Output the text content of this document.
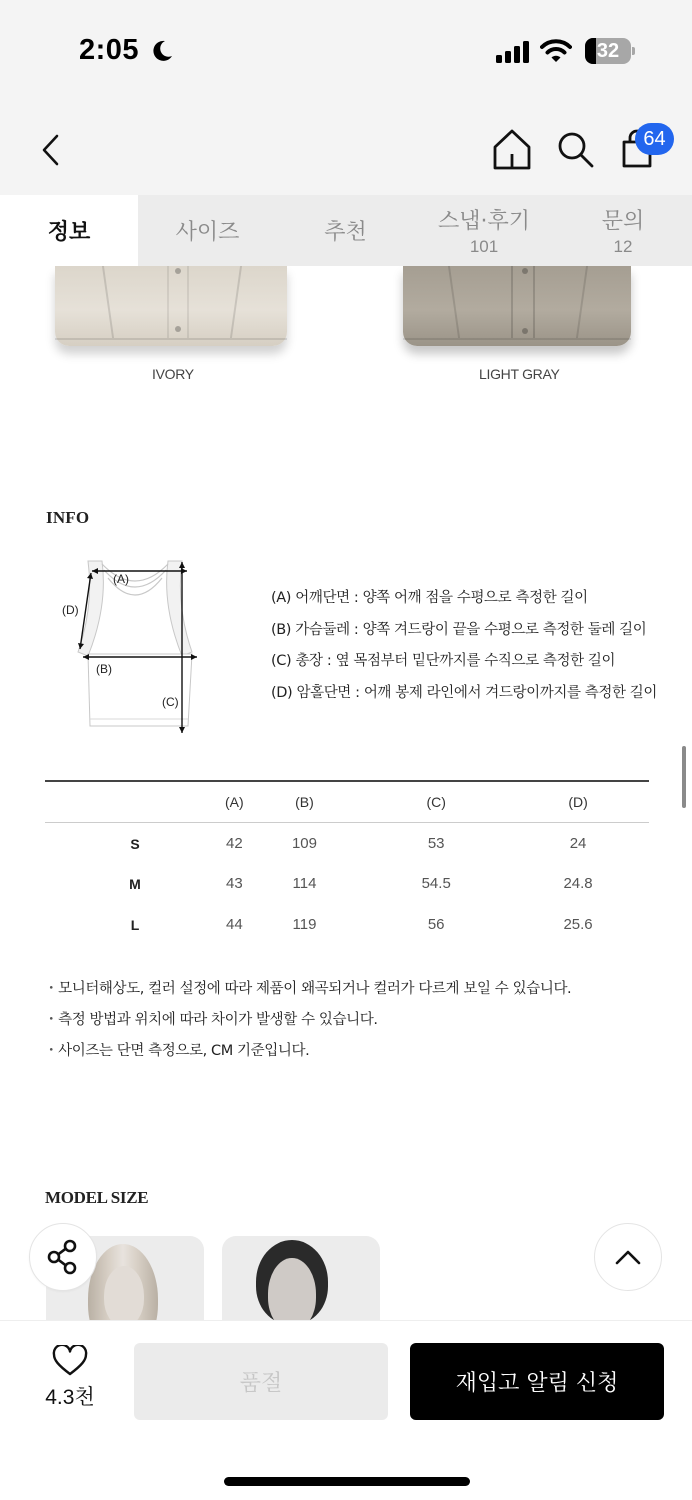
2:05	32
64
정보	사이즈	추천	스냅·후기
101
문의
12
IVORY	LIGHT GRAY
INFO
(A)
(B)
(C)
(D)
(A) 어깨단면 : 양쪽 어깨 점을 수평으로 측정한 길이
(B) 가슴둘레 : 양쪽 겨드랑이 끝을 수평으로 측정한 둘레 길이
(C) 총장 : 옆 목점부터 밑단까지를 수직으로 측정한 길이
(D) 암홀단면 : 어깨 봉제 라인에서 겨드랑이까지를 측정한 길이
	(A)	(B)	(C)	(D)
S	42	109	53	24
M	43	114	54.5	24.8
L	44	119	56	25.6
・ 모니터해상도, 컬러 설정에 따라 제품이 왜곡되거나 컬러가 다르게 보일 수 있습니다.
・ 측정 방법과 위치에 따라 차이가 발생할 수 있습니다.
・ 사이즈는 단면 측정으로, CM 기준입니다.
MODEL SIZE
4.3천
품절	재입고 알림 신청
